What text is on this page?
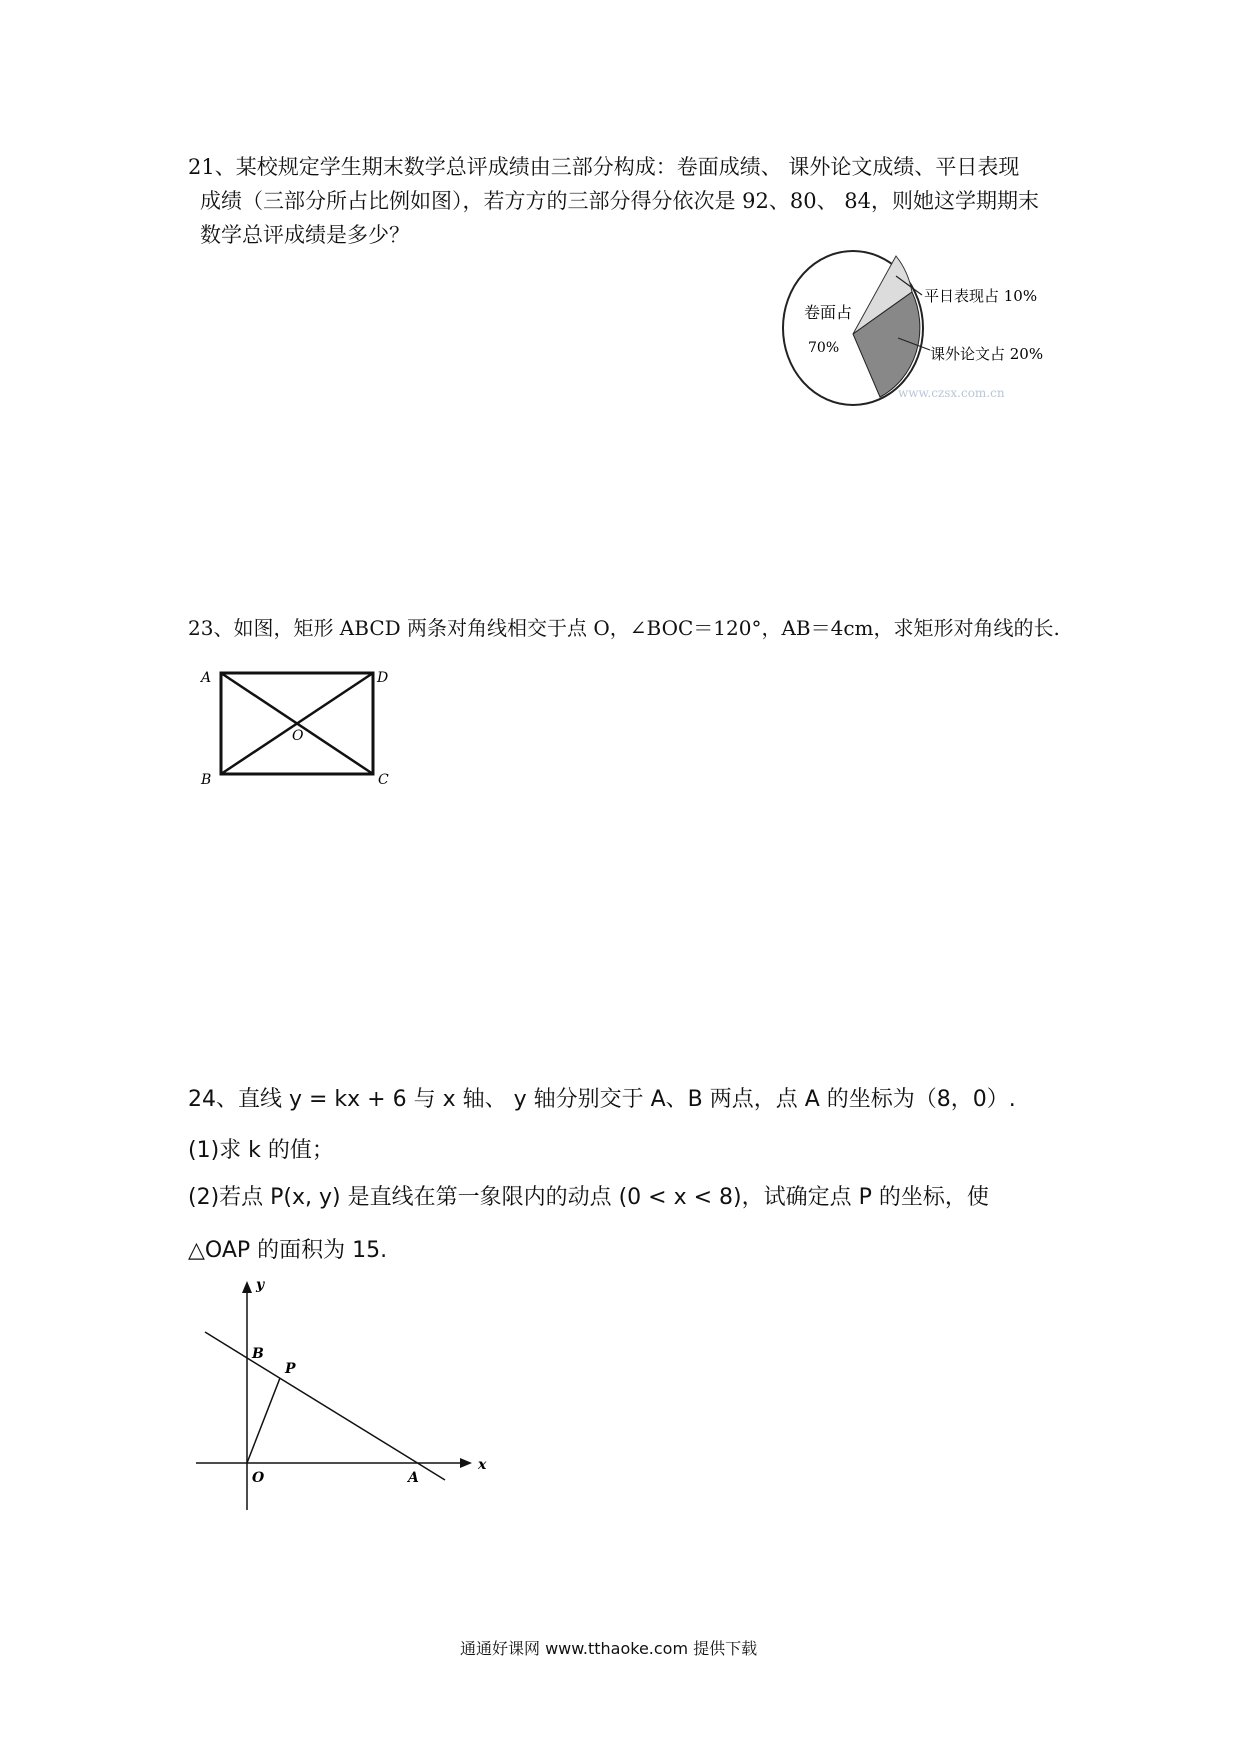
21、某校规定学生期末数学总评成绩由三部分构成：卷面成绩、 课外论文成绩、平日表现
成绩（三部分所占比例如图），若方方的三部分得分依次是 92、80、 84，则她这学期期末
数学总评成绩是多少？
卷面占
70%
平日表现占 10%
课外论文占 20%
www.czsx.com.cn
23、如图，矩形 ABCD 两条对角线相交于点 O，∠BOC＝120°，AB＝4cm，求矩形对角线的长.
A	D
B	C
O
24、直线 y = kx + 6 与 x 轴、 y 轴分别交于 A、B 两点，点 A 的坐标为（8，0）.
(1)求 k 的值；
(2)若点 P(x, y) 是直线在第一象限内的动点 (0 < x < 8)，试确定点 P 的坐标，使
△OAP 的面积为 15.
y
x
B
P
O	A
通通好课网 www.tthaoke.com 提供下载
